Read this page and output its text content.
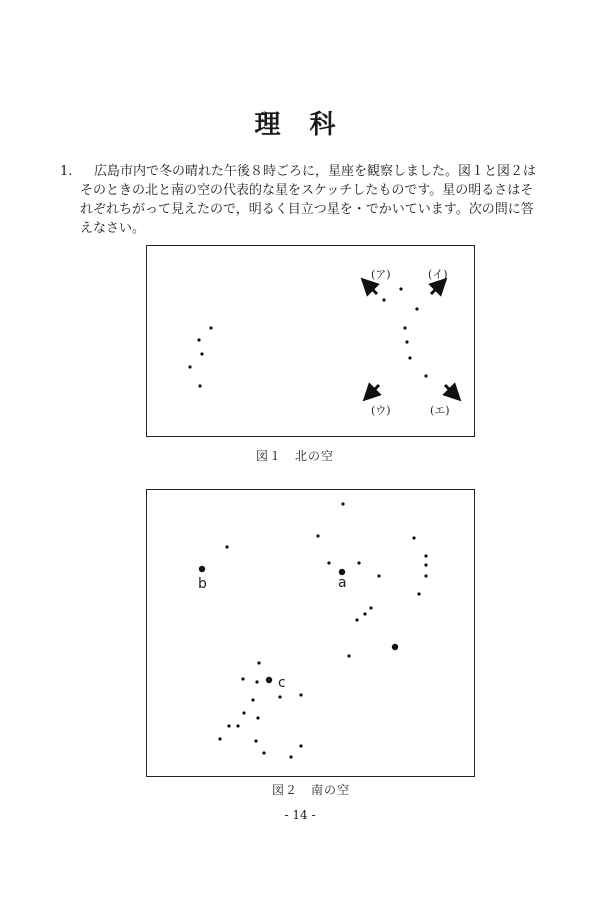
理 科
1.	広島市内で冬の晴れた午後８時ごろに，星座を観察しました。図１と図２はそのときの北と南の空の代表的な星をスケッチしたものです。星の明るさはそれぞれちがって見えたので，明るく目立つ星を・でかいています。次の問に答えなさい。
(ア)	(イ)
(ウ)	(エ)
図１　北の空
a
b
c
図２　南の空
- 14 -
